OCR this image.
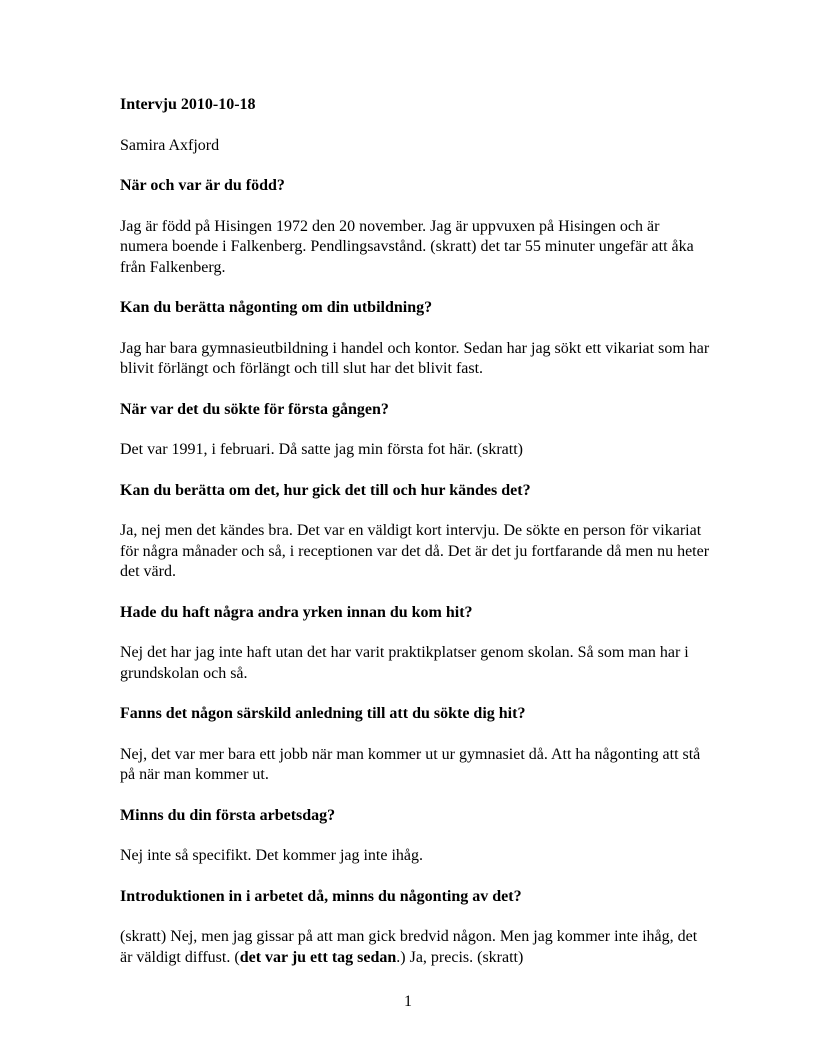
Intervju 2010-10-18

Samira Axfjord

När och var är du född?

Jag är född på Hisingen 1972 den 20 november. Jag är uppvuxen på Hisingen och är numera boende i Falkenberg. Pendlingsavstånd. (skratt) det tar 55 minuter ungefär att åka från Falkenberg.

Kan du berätta någonting om din utbildning?

Jag har bara gymnasieutbildning i handel och kontor. Sedan har jag sökt ett vikariat som har blivit förlängt och förlängt och till slut har det blivit fast.

När var det du sökte för första gången?

Det var 1991, i februari. Då satte jag min första fot här. (skratt)

Kan du berätta om det, hur gick det till och hur kändes det?

Ja, nej men det kändes bra. Det var en väldigt kort intervju. De sökte en person för vikariat för några månader och så, i receptionen var det då. Det är det ju fortfarande då men nu heter det värd.

Hade du haft några andra yrken innan du kom hit?

Nej det har jag inte haft utan det har varit praktikplatser genom skolan. Så som man har i grundskolan och så.

Fanns det någon särskild anledning till att du sökte dig hit?

Nej, det var mer bara ett jobb när man kommer ut ur gymnasiet då. Att ha någonting att stå på när man kommer ut.

Minns du din första arbetsdag?

Nej inte så specifikt. Det kommer jag inte ihåg.

Introduktionen in i arbetet då, minns du någonting av det?

(skratt) Nej, men jag gissar på att man gick bredvid någon. Men jag kommer inte ihåg, det är väldigt diffust. (det var ju ett tag sedan.) Ja, precis. (skratt)

1
